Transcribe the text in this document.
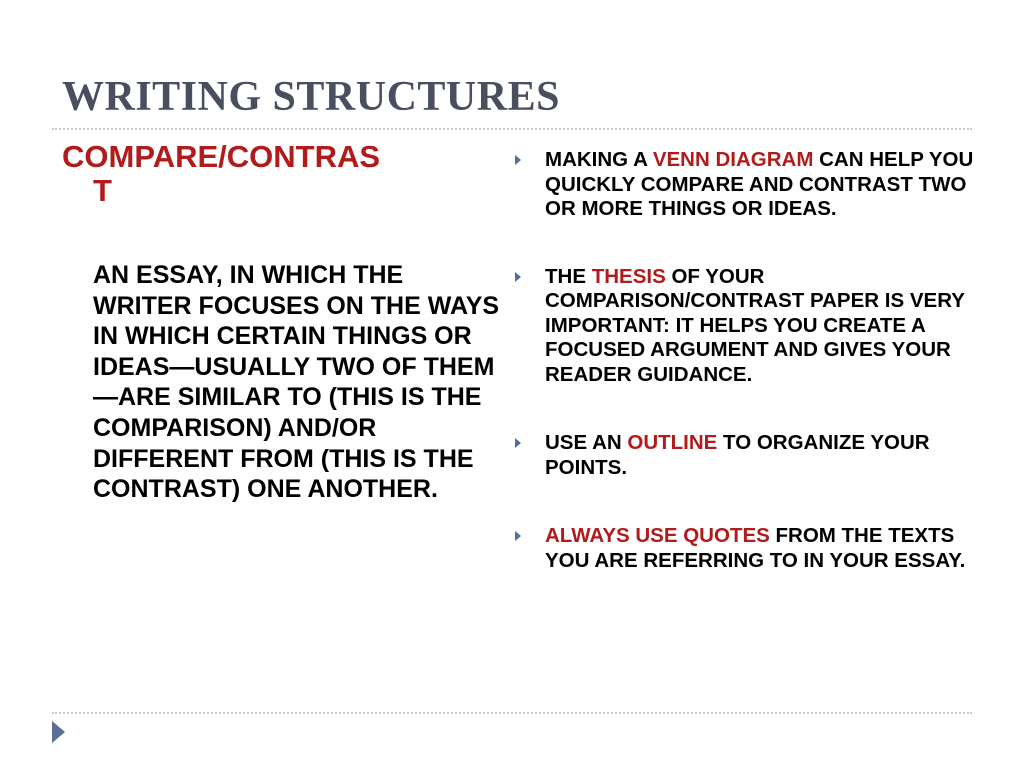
WRITING STRUCTURES
COMPARE/CONTRAS
T

AN ESSAY, IN WHICH THE WRITER FOCUSES ON THE WAYS IN WHICH CERTAIN THINGS OR IDEAS—USUALLY TWO OF THEM—ARE SIMILAR TO (THIS IS THE COMPARISON) AND/OR DIFFERENT FROM (THIS IS THE CONTRAST) ONE ANOTHER.

MAKING A VENN DIAGRAM CAN HELP YOU QUICKLY COMPARE AND CONTRAST TWO OR MORE THINGS OR IDEAS.
THE THESIS OF YOUR COMPARISON/CONTRAST PAPER IS VERY IMPORTANT: IT HELPS YOU CREATE A FOCUSED ARGUMENT AND GIVES YOUR READER GUIDANCE.
USE AN OUTLINE TO ORGANIZE YOUR POINTS.
ALWAYS USE QUOTES FROM THE TEXTS YOU ARE REFERRING TO IN YOUR ESSAY.
